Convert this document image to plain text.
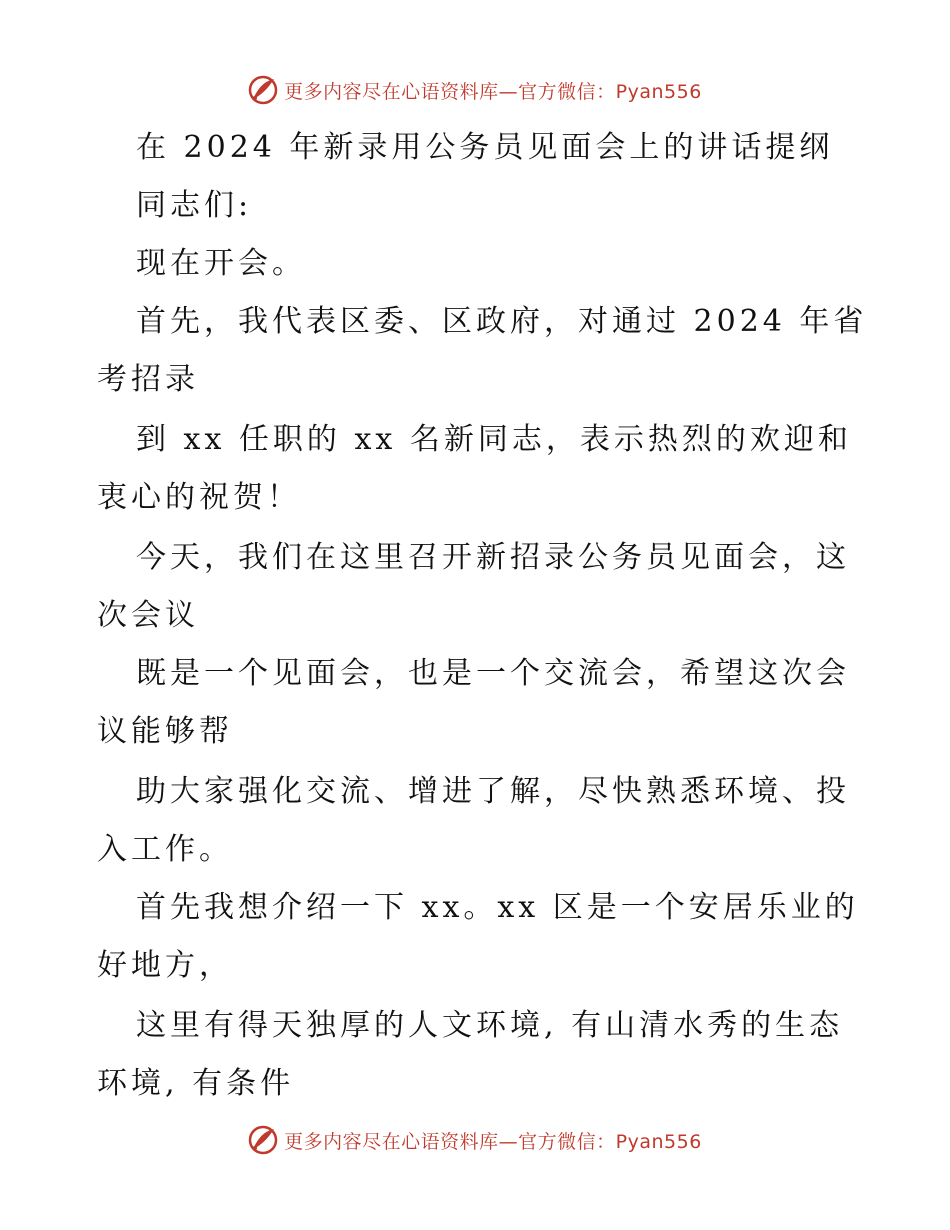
更多内容尽在心语资料库—官方微信：Pyan556
在 2024 年新录用公务员见面会上的讲话提纲
同志们:
现在开会。
首先，我代表区委、区政府，对通过 2024 年省
考招录
到 xx 任职的 xx 名新同志，表示热烈的欢迎和
衷心的祝贺！
今天，我们在这里召开新招录公务员见面会，这
次会议
既是一个见面会，也是一个交流会，希望这次会
议能够帮
助大家强化交流、增进了解，尽快熟悉环境、投
入工作。
首先我想介绍一下 xx。xx 区是一个安居乐业的
好地方，
这里有得天独厚的人文环境, 有山清水秀的生态
环境, 有条件
更多内容尽在心语资料库—官方微信：Pyan556
